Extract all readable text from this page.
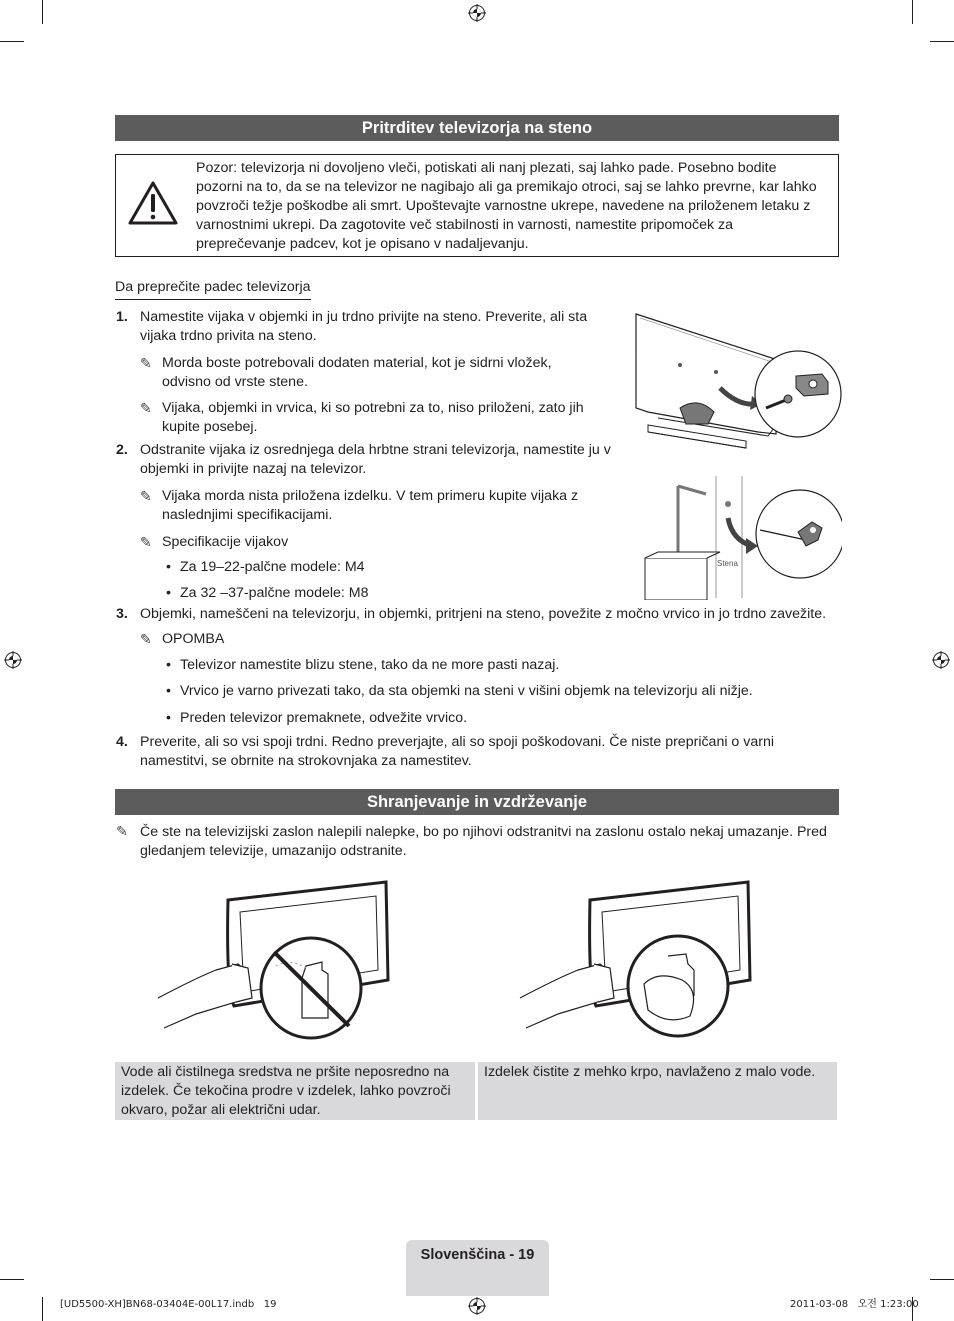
Pritrditev televizorja na steno
Pozor: televizorja ni dovoljeno vleči, potiskati ali nanj plezati, saj lahko pade. Posebno bodite pozorni na to, da se na televizor ne nagibajo ali ga premikajo otroci, saj se lahko prevrne, kar lahko povzroči težje poškodbe ali smrt. Upoštevajte varnostne ukrepe, navedene na priloženem letaku z varnostnimi ukrepi. Da zagotovite več stabilnosti in varnosti, namestite pripomoček za preprečevanje padcev, kot je opisano v nadaljevanju.
Da preprečite padec televizorja
1. Namestite vijaka v objemki in ju trdno privijte na steno. Preverite, ali sta vijaka trdno privita na steno.
✎ Morda boste potrebovali dodaten material, kot je sidrni vložek, odvisno od vrste stene.
✎ Vijaka, objemki in vrvica, ki so potrebni za to, niso priloženi, zato jih kupite posebej.
2. Odstranite vijaka iz osrednjega dela hrbtne strani televizorja, namestite ju v objemki in privijte nazaj na televizor.
✎ Vijaka morda nista priložena izdelku. V tem primeru kupite vijaka z naslednjimi specifikacijami.
✎ Specifikacije vijakov
• Za 19–22-palčne modele: M4
• Za 32 –37-palčne modele: M8
3. Objemki, nameščeni na televizorju, in objemki, pritrjeni na steno, povežite z močno vrvico in jo trdno zavežite.
✎ OPOMBA
• Televizor namestite blizu stene, tako da ne more pasti nazaj.
• Vrvico je varno privezati tako, da sta objemki na steni v višini objemk na televizorju ali nižje.
• Preden televizor premaknete, odvežite vrvico.
4. Preverite, ali so vsi spoji trdni. Redno preverjajte, ali so spoji poškodovani. Če niste prepričani o varni namestitvi, se obrnite na strokovnjaka za namestitev.
Stena
Shranjevanje in vzdrževanje
✎ Če ste na televizijski zaslon nalepili nalepke, bo po njihovi odstranitvi na zaslonu ostalo nekaj umazanje. Pred gledanjem televizije, umazanijo odstranite.
Vode ali čistilnega sredstva ne pršite neposredno na izdelek. Če tekočina prodre v izdelek, lahko povzroči okvaro, požar ali električni udar.
Izdelek čistite z mehko krpo, navlaženo z malo vode.
Slovenščina - 19
[UD5500-XH]BN68-03404E-00L17.indb   19	2011-03-08   오전 1:23:00
